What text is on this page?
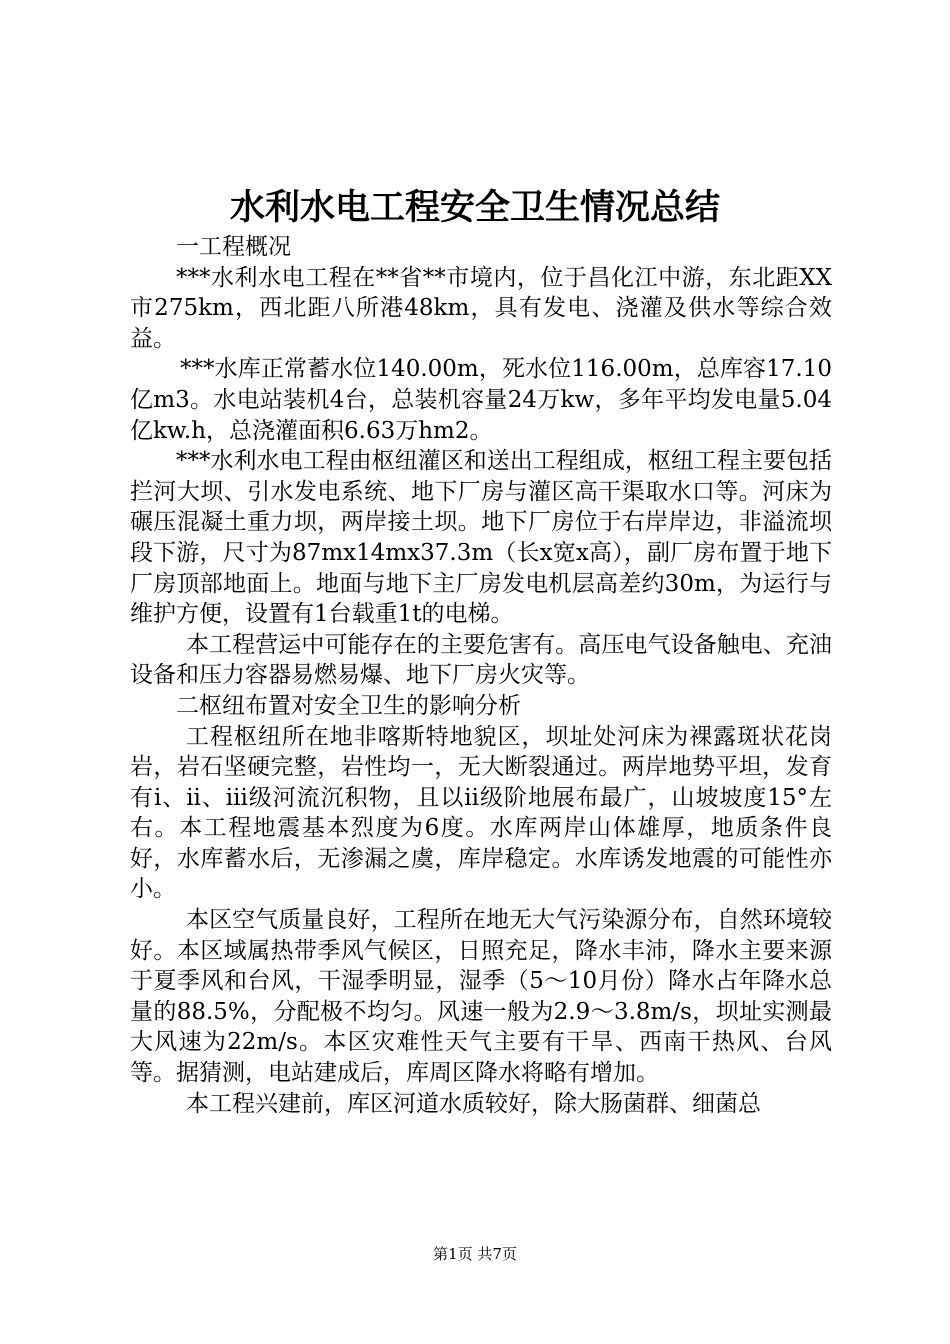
水利水电工程安全卫生情况总结

一工程概况

***水利水电工程在**省**市境内，位于昌化江中游，东北距XX市275km，西北距八所港48km，具有发电、浇灌及供水等综合效益。

***水库正常蓄水位140.00m，死水位116.00m，总库容17.10亿m3。水电站装机4台，总装机容量24万kw，多年平均发电量5.04亿kw.h，总浇灌面积6.63万hm2。

***水利水电工程由枢纽灌区和送出工程组成，枢纽工程主要包括拦河大坝、引水发电系统、地下厂房与灌区高干渠取水口等。河床为碾压混凝土重力坝，两岸接土坝。地下厂房位于右岸岸边，非溢流坝段下游，尺寸为87mx14mx37.3m（长x宽x高），副厂房布置于地下厂房顶部地面上。地面与地下主厂房发电机层高差约30m，为运行与维护方便，设置有1台载重1t的电梯。

本工程营运中可能存在的主要危害有。高压电气设备触电、充油设备和压力容器易燃易爆、地下厂房火灾等。

二枢纽布置对安全卫生的影响分析

工程枢纽所在地非喀斯特地貌区，坝址处河床为裸露斑状花岗岩，岩石坚硬完整，岩性均一，无大断裂通过。两岸地势平坦，发育有i、ii、iii级河流沉积物，且以ii级阶地展布最广，山坡坡度15°左右。本工程地震基本烈度为6度。水库两岸山体雄厚，地质条件良好，水库蓄水后，无渗漏之虞，库岸稳定。水库诱发地震的可能性亦小。

本区空气质量良好，工程所在地无大气污染源分布，自然环境较好。本区域属热带季风气候区，日照充足，降水丰沛，降水主要来源于夏季风和台风，干湿季明显，湿季（5～10月份）降水占年降水总量的88.5%，分配极不均匀。风速一般为2.9～3.8m/s，坝址实测最大风速为22m/s。本区灾难性天气主要有干旱、西南干热风、台风等。据猜测，电站建成后，库周区降水将略有增加。

本工程兴建前，库区河道水质较好，除大肠菌群、细菌总

第1页 共7页
